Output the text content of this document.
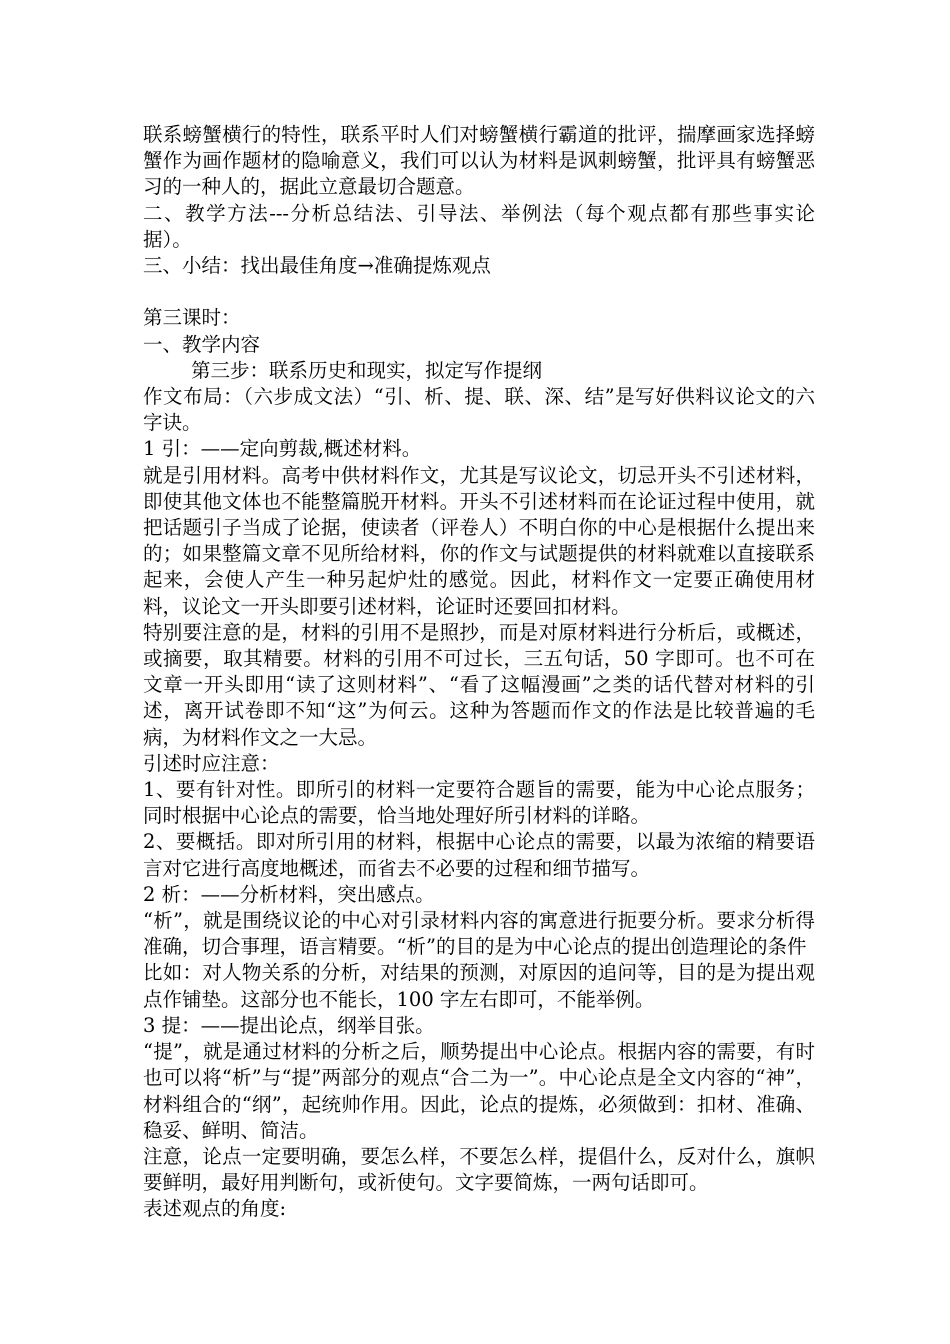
联系螃蟹横行的特性，联系平时人们对螃蟹横行霸道的批评，揣摩画家选择螃蟹作为画作题材的隐喻意义，我们可以认为材料是讽刺螃蟹，批评具有螃蟹恶习的一种人的，据此立意最切合题意。

二、教学方法---分析总结法、引导法、举例法（每个观点都有那些事实论据）。

三、小结：找出最佳角度→准确提炼观点

第三课时：

一、教学内容

第三步：联系历史和现实，拟定写作提纲

作文布局：（六步成文法）“引、析、提、联、深、结”是写好供料议论文的六字诀。

1 引：——定向剪裁,概述材料。

就是引用材料。高考中供材料作文，尤其是写议论文，切忌开头不引述材料，即使其他文体也不能整篇脱开材料。开头不引述材料而在论证过程中使用，就把话题引子当成了论据，使读者（评卷人）不明白你的中心是根据什么提出来的；如果整篇文章不见所给材料，你的作文与试题提供的材料就难以直接联系起来，会使人产生一种另起炉灶的感觉。因此，材料作文一定要正确使用材料，议论文一开头即要引述材料，论证时还要回扣材料。

特别要注意的是，材料的引用不是照抄，而是对原材料进行分析后，或概述，或摘要，取其精要。材料的引用不可过长，三五句话，50 字即可。也不可在文章一开头即用“读了这则材料”、“看了这幅漫画”之类的话代替对材料的引述，离开试卷即不知“这”为何云。这种为答题而作文的作法是比较普遍的毛病，为材料作文之一大忌。

引述时应注意：

1、要有针对性。即所引的材料一定要符合题旨的需要，能为中心论点服务；同时根据中心论点的需要，恰当地处理好所引材料的详略。

2、要概括。即对所引用的材料，根据中心论点的需要，以最为浓缩的精要语言对它进行高度地概述，而省去不必要的过程和细节描写。

2 析：——分析材料，突出感点。

“析”，就是围绕议论的中心对引录材料内容的寓意进行扼要分析。要求分析得准确，切合事理，语言精要。“析”的目的是为中心论点的提出创造理论的条件

比如：对人物关系的分析，对结果的预测，对原因的追问等，目的是为提出观点作铺垫。这部分也不能长，100 字左右即可，不能举例。

3 提：——提出论点，纲举目张。

“提”，就是通过材料的分析之后，顺势提出中心论点。根据内容的需要，有时也可以将“析”与“提”两部分的观点“合二为一”。中心论点是全文内容的“神”，材料组合的“纲”，起统帅作用。因此，论点的提炼，必须做到：扣材、准确、稳妥、鲜明、简洁。

注意，论点一定要明确，要怎么样，不要怎么样，提倡什么，反对什么，旗帜要鲜明，最好用判断句，或祈使句。文字要简炼，一两句话即可。

表述观点的角度:
